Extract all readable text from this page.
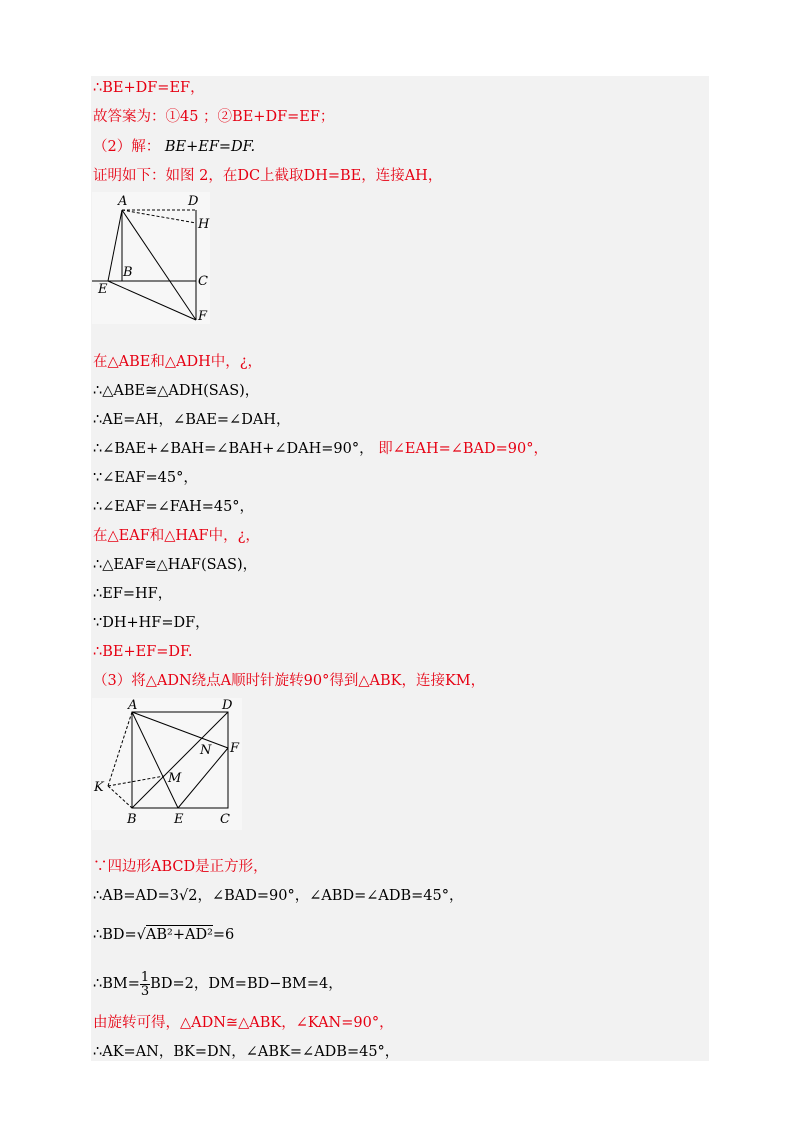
∴BE+DF=EF，
故答案为：①45 ；②BE+DF=EF；
（2）解： BE+EF=DF.
证明如下：如图 2，在DC上截取DH=BE，连接AH，
A	D
H
B
C
E
F
在△ABE和△ADH中，¿，
∴△ABE≅△ADH(SAS)，
∴AE=AH，∠BAE=∠DAH，
∴∠BAE+∠BAH=∠BAH+∠DAH=90°， 即∠EAH=∠BAD=90°，
∵∠EAF=45°，
∴∠EAF=∠FAH=45°，
在△EAF和△HAF中，¿，
∴△EAF≅△HAF(SAS)，
∴EF=HF，
∵DH+HF=DF，
∴BE+EF=DF.
（3）将△ADN绕点A顺时针旋转90°得到△ABK，连接KM，
A	D
N F
M
K
B	E	C
∵四边形ABCD是正方形，
∴AB=AD=3√2，∠BAD=90°，∠ABD=∠ADB=45°，
∴BD=√AB²+AD²=6
∴BM= $\frac{1}{3} BD=2$，DM=BD−BM=4，
由旋转可得，△ADN≅△ABK，∠KAN=90°，
∴AK=AN，BK=DN，∠ABK=∠ADB=45°，
